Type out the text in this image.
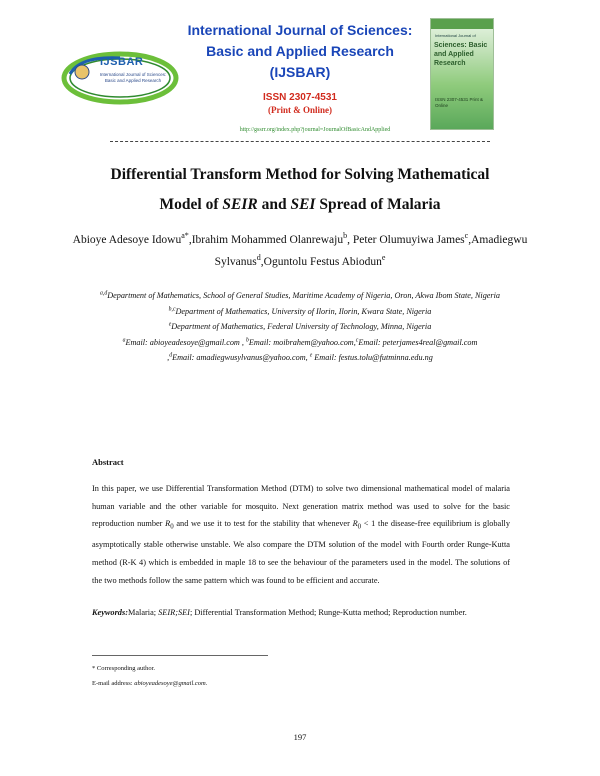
IJSBAR
International Journal of Sciences: Basic and Applied Research
International Journal of Sciences:
Basic and Applied Research
(IJSBAR)
ISSN 2307-4531
(Print & Online)
http://gssrr.org/index.php?journal=JournalOfBasicAndApplied
International Journal of
Sciences: Basic and Applied Research
ISSN 2307-4531 Print & Online
Differential Transform Method for Solving Mathematical
Model of SEIR and SEI Spread of Malaria
Abioye Adesoye Idowu$^{a*}$,Ibrahim Mohammed Olanrewaju$^b$, Peter Olumuyiwa James$^c$,Amadiegwu Sylvanus$^d$,Oguntolu Festus Abiodun$^e$
$^{a,d}$Department of Mathematics, School of General Studies, Maritime Academy of Nigeria, Oron, Akwa Ibom State, Nigeria
$^{b,c}$Department of Mathematics, University of Ilorin, Ilorin, Kwara State, Nigeria
$^e$Department of Mathematics, Federal University of Technology, Minna, Nigeria
$^a$Email: abioyeadesoye@gmail.com , $^b$Email: moibrahem@yahoo.com,$^c$Email: peterjames4real@gmail.com
,$^d$Email: amadiegwusylvanus@yahoo.com, $^e$ Email: festus.tolu@futminna.edu.ng
Abstract
In this paper, we use Differential Transformation Method (DTM) to solve two dimensional mathematical model of malaria human variable and the other variable for mosquito. Next generation matrix method was used to solve for the basic reproduction number $R_0$ and we use it to test for the stability that whenever $R_0 < 1$ the disease-free equilibrium is globally asymptotically stable otherwise unstable. We also compare the DTM solution of the model with Fourth order Runge-Kutta method (R-K 4) which is embedded in maple 18 to see the behaviour of the parameters used in the model. The solutions of the two methods follow the same pattern which was found to be efficient and accurate.
Keywords:Malaria; SEIR;SEI; Differential Transformation Method; Runge-Kutta method; Reproduction number.
* Corresponding author.
E-mail address: abioyeadesoye@gmail.com.
197
